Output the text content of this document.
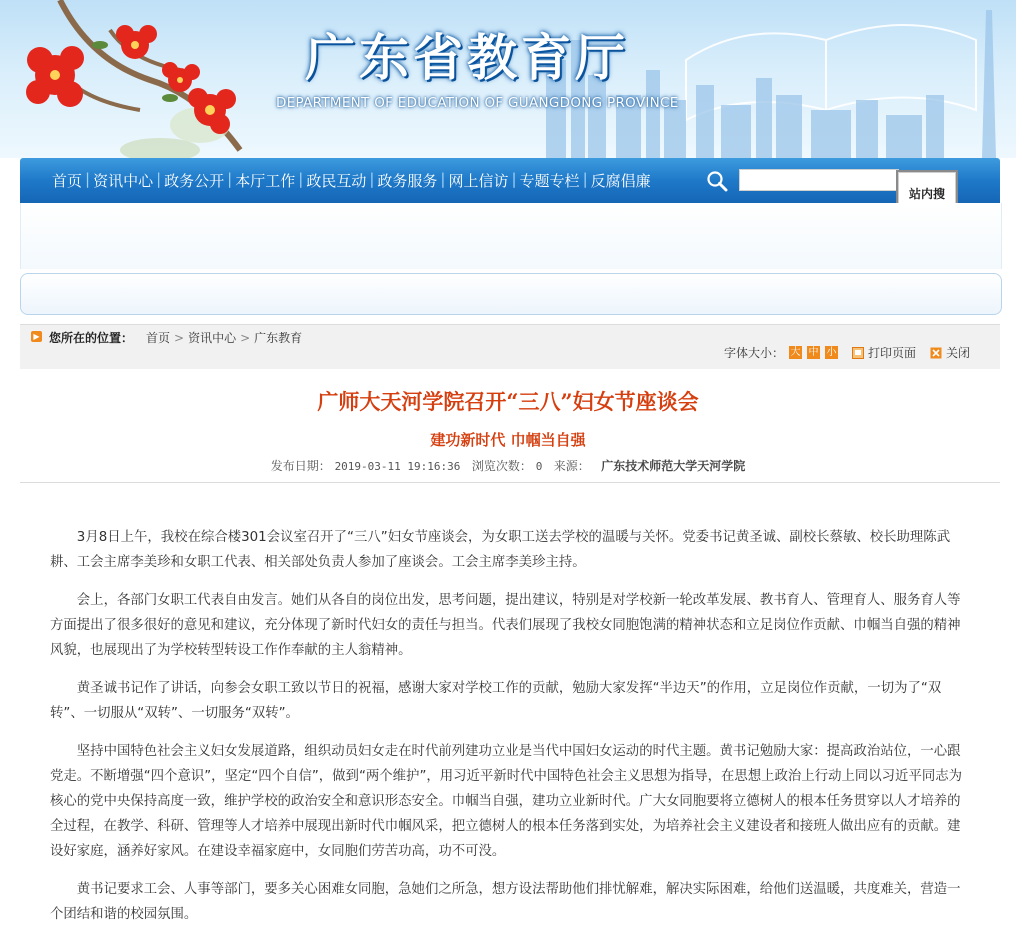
广东省教育厅
DEPARTMENT OF EDUCATION OF GUANGDONG PROVINCE
首页 | 资讯中心 | 政务公开 | 本厅工作 | 政民互动 | 政务服务 | 网上信访 | 专题专栏 | 反腐倡廉
站内搜
▶ 您所在的位置： 首页 > 资讯中心 > 广东教育
字体大小： 大 中 小	打印页面	关闭
广师大天河学院召开“三八”妇女节座谈会
建功新时代 巾帼当自强
发布日期： 2019-03-11 19:16:36 浏览次数： 0 来源： 广东技术师范大学天河学院

3月8日上午，我校在综合楼301会议室召开了“三八”妇女节座谈会，为女职工送去学校的温暖与关怀。党委书记黄圣诚、副校长蔡敏、校长助理陈武耕、工会主席李美珍和女职工代表、相关部处负责人参加了座谈会。工会主席李美珍主持。

会上，各部门女职工代表自由发言。她们从各自的岗位出发，思考问题，提出建议，特别是对学校新一轮改革发展、教书育人、管理育人、服务育人等方面提出了很多很好的意见和建议，充分体现了新时代妇女的责任与担当。代表们展现了我校女同胞饱满的精神状态和立足岗位作贡献、巾帼当自强的精神风貌，也展现出了为学校转型转设工作作奉献的主人翁精神。

黄圣诚书记作了讲话，向参会女职工致以节日的祝福，感谢大家对学校工作的贡献，勉励大家发挥“半边天”的作用，立足岗位作贡献，一切为了“双转”、一切服从“双转”、一切服务“双转”。

坚持中国特色社会主义妇女发展道路，组织动员妇女走在时代前列建功立业是当代中国妇女运动的时代主题。黄书记勉励大家：提高政治站位，一心跟党走。不断增强“四个意识”，坚定“四个自信”，做到“两个维护”，用习近平新时代中国特色社会主义思想为指导，在思想上政治上行动上同以习近平同志为核心的党中央保持高度一致，维护学校的政治安全和意识形态安全。巾帼当自强，建功立业新时代。广大女同胞要将立德树人的根本任务贯穿以人才培养的全过程，在教学、科研、管理等人才培养中展现出新时代巾帼风采，把立德树人的根本任务落到实处，为培养社会主义建设者和接班人做出应有的贡献。建设好家庭，涵养好家风。在建设幸福家庭中，女同胞们劳苦功高，功不可没。

黄书记要求工会、人事等部门，要多关心困难女同胞，急她们之所急，想方设法帮助他们排忧解难，解决实际困难，给他们送温暖，共度难关，营造一个团结和谐的校园氛围。
